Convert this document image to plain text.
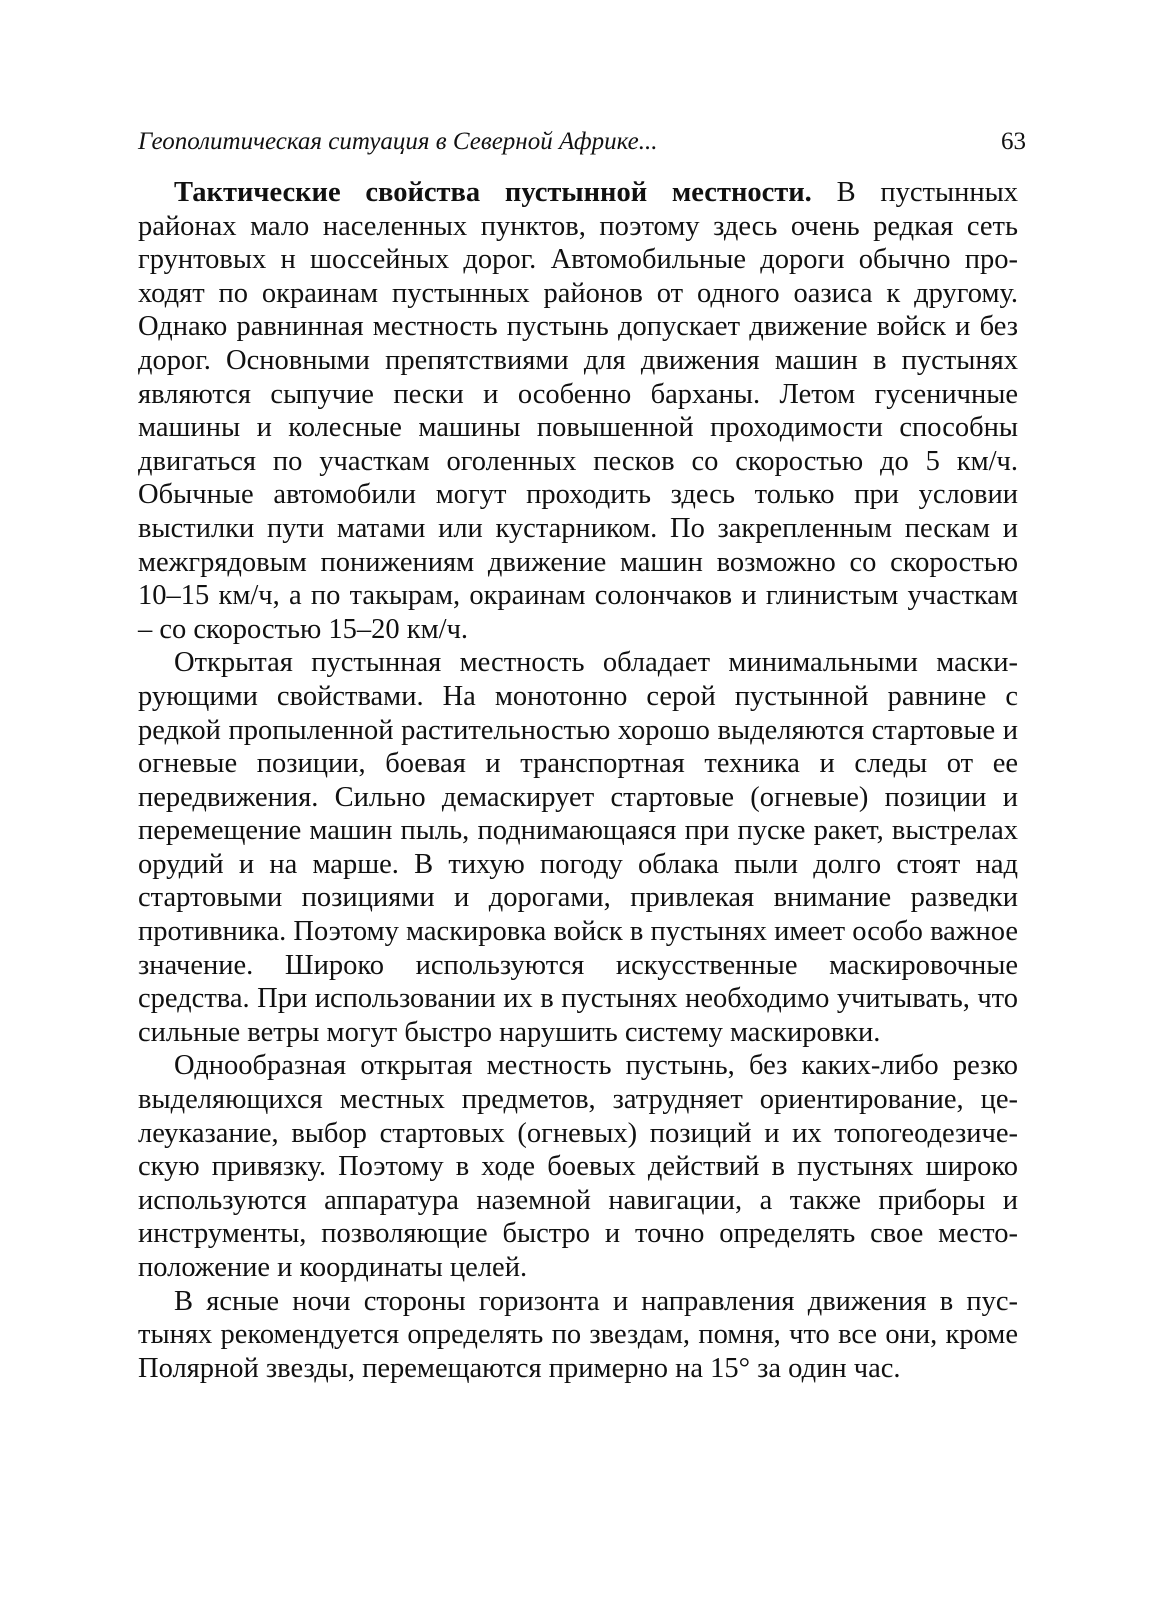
Геополитическая ситуация в Северной Африке...	63

Тактические свойства пустынной местности. В пустынных районах мало населенных пунктов, поэтому здесь очень редкая сеть грунтовых н шоссейных дорог. Автомобильные дороги обычно проходят по окраинам пустынных районов от одного оазиса к другому. Однако равнинная местность пустынь допускает движение войск и без дорог. Основными препятствиями для движения машин в пустынях являются сыпучие пески и особенно барханы. Летом гусеничные машины и колесные машины повышенной проходимости способны двигаться по участкам оголенных песков со скоростью до 5 км/ч. Обычные автомобили могут проходить здесь только при условии выстилки пути матами или кустарником. По закрепленным пескам и межгрядовым понижениям движение машин возможно со скоростью 10–15 км/ч, а по такырам, окраинам солончаков и глинистым участкам – со скоростью 15–20 км/ч.

Открытая пустынная местность обладает минимальными маскирующими свойствами. На монотонно серой пустынной равнине с редкой пропыленной растительностью хорошо выделяются стартовые и огневые позиции, боевая и транспортная техника и следы от ее передвижения. Сильно демаскирует стартовые (огневые) позиции и перемещение машин пыль, поднимающаяся при пуске ракет, выстрелах орудий и на марше. В тихую погоду облака пыли долго стоят над стартовыми позициями и дорогами, привлекая внимание разведки противника. Поэтому маскировка войск в пустынях имеет особо важное значение. Широко используются искусственные маскировочные средства. При использовании их в пустынях необходимо учитывать, что сильные ветры могут быстро нарушить систему маскировки.

Однообразная открытая местность пустынь, без каких-либо резко выделяющихся местных предметов, затрудняет ориентирование, целеуказание, выбор стартовых (огневых) позиций и их топогеодезическую привязку. Поэтому в ходе боевых действий в пустынях широко используются аппаратура наземной навигации, а также приборы и инструменты, позволяющие быстро и точно определять свое местоположение и координаты целей.

В ясные ночи стороны горизонта и направления движения в пустынях рекомендуется определять по звездам, помня, что все они, кроме Полярной звезды, перемещаются примерно на 15° за один час.
